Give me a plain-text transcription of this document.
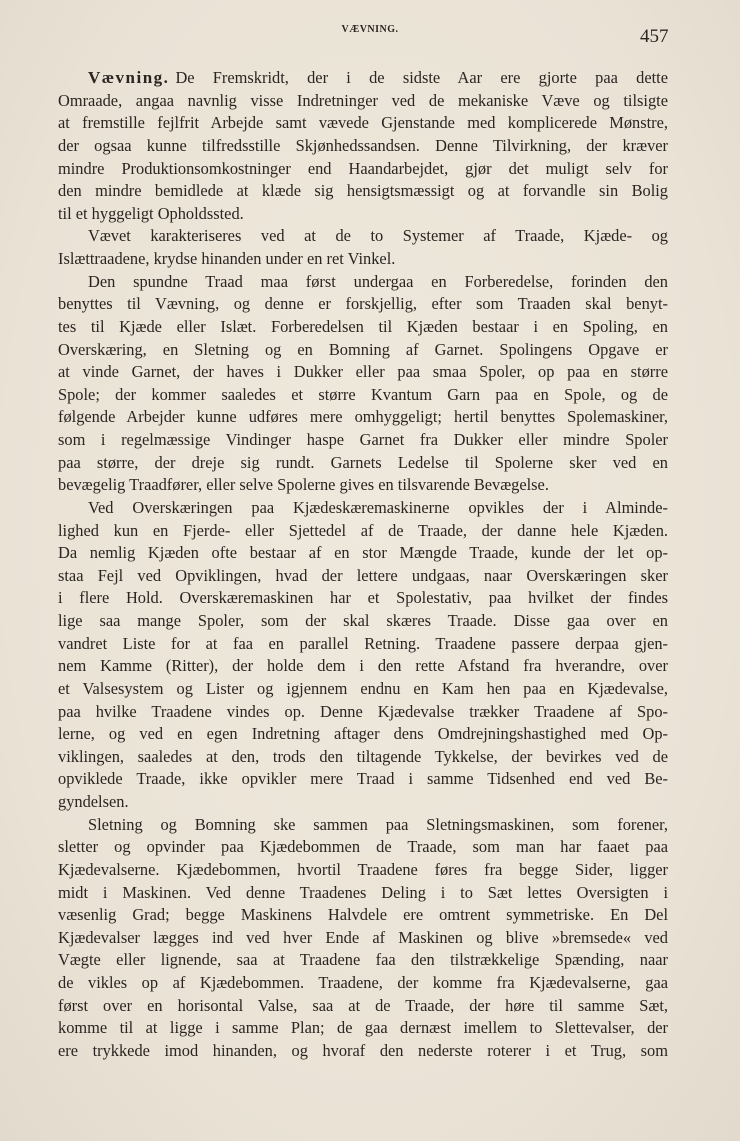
VÆVNING.	457
Vævning. De Fremskridt, der i de sidste Aar ere gjorte paa dette
Omraade, angaa navnlig visse Indretninger ved de mekaniske Væve og tilsigte
at fremstille fejlfrit Arbejde samt vævede Gjenstande med komplicerede Mønstre,
der ogsaa kunne tilfredsstille Skjønhedssandsen. Denne Tilvirkning, der kræver
mindre Produktionsomkostninger end Haandarbejdet, gjør det muligt selv for
den mindre bemidlede at klæde sig hensigtsmæssigt og at forvandle sin Bolig
til et hyggeligt Opholdssted.
Vævet karakteriseres ved at de to Systemer af Traade, Kjæde- og
Islættraadene, krydse hinanden under en ret Vinkel.
Den spundne Traad maa først undergaa en Forberedelse, forinden den
benyttes til Vævning, og denne er forskjellig, efter som Traaden skal benyt-
tes til Kjæde eller Islæt. Forberedelsen til Kjæden bestaar i en Spoling, en
Overskæring, en Sletning og en Bomning af Garnet. Spolingens Opgave er
at vinde Garnet, der haves i Dukker eller paa smaa Spoler, op paa en større
Spole; der kommer saaledes et større Kvantum Garn paa en Spole, og de
følgende Arbejder kunne udføres mere omhyggeligt; hertil benyttes Spolemaskiner,
som i regelmæssige Vindinger haspe Garnet fra Dukker eller mindre Spoler
paa større, der dreje sig rundt. Garnets Ledelse til Spolerne sker ved en
bevægelig Traadfører, eller selve Spolerne gives en tilsvarende Bevægelse.
Ved Overskæringen paa Kjædeskæremaskinerne opvikles der i Alminde-
lighed kun en Fjerde- eller Sjettedel af de Traade, der danne hele Kjæden.
Da nemlig Kjæden ofte bestaar af en stor Mængde Traade, kunde der let op-
staa Fejl ved Opviklingen, hvad der lettere undgaas, naar Overskæringen sker
i flere Hold. Overskæremaskinen har et Spolestativ, paa hvilket der findes
lige saa mange Spoler, som der skal skæres Traade. Disse gaa over en
vandret Liste for at faa en parallel Retning. Traadene passere derpaa gjen-
nem Kamme (Ritter), der holde dem i den rette Afstand fra hverandre, over
et Valsesystem og Lister og igjennem endnu en Kam hen paa en Kjædevalse,
paa hvilke Traadene vindes op. Denne Kjædevalse trækker Traadene af Spo-
lerne, og ved en egen Indretning aftager dens Omdrejningshastighed med Op-
viklingen, saaledes at den, trods den tiltagende Tykkelse, der bevirkes ved de
opviklede Traade, ikke opvikler mere Traad i samme Tidsenhed end ved Be-
gyndelsen.
Sletning og Bomning ske sammen paa Sletningsmaskinen, som forener,
sletter og opvinder paa Kjædebommen de Traade, som man har faaet paa
Kjædevalserne. Kjædebommen, hvortil Traadene føres fra begge Sider, ligger
midt i Maskinen. Ved denne Traadenes Deling i to Sæt lettes Oversigten i
væsenlig Grad; begge Maskinens Halvdele ere omtrent symmetriske. En Del
Kjædevalser lægges ind ved hver Ende af Maskinen og blive »bremsede« ved
Vægte eller lignende, saa at Traadene faa den tilstrækkelige Spænding, naar
de vikles op af Kjædebommen. Traadene, der komme fra Kjædevalserne, gaa
først over en horisontal Valse, saa at de Traade, der høre til samme Sæt,
komme til at ligge i samme Plan; de gaa dernæst imellem to Slettevalser, der
ere trykkede imod hinanden, og hvoraf den nederste roterer i et Trug, som
